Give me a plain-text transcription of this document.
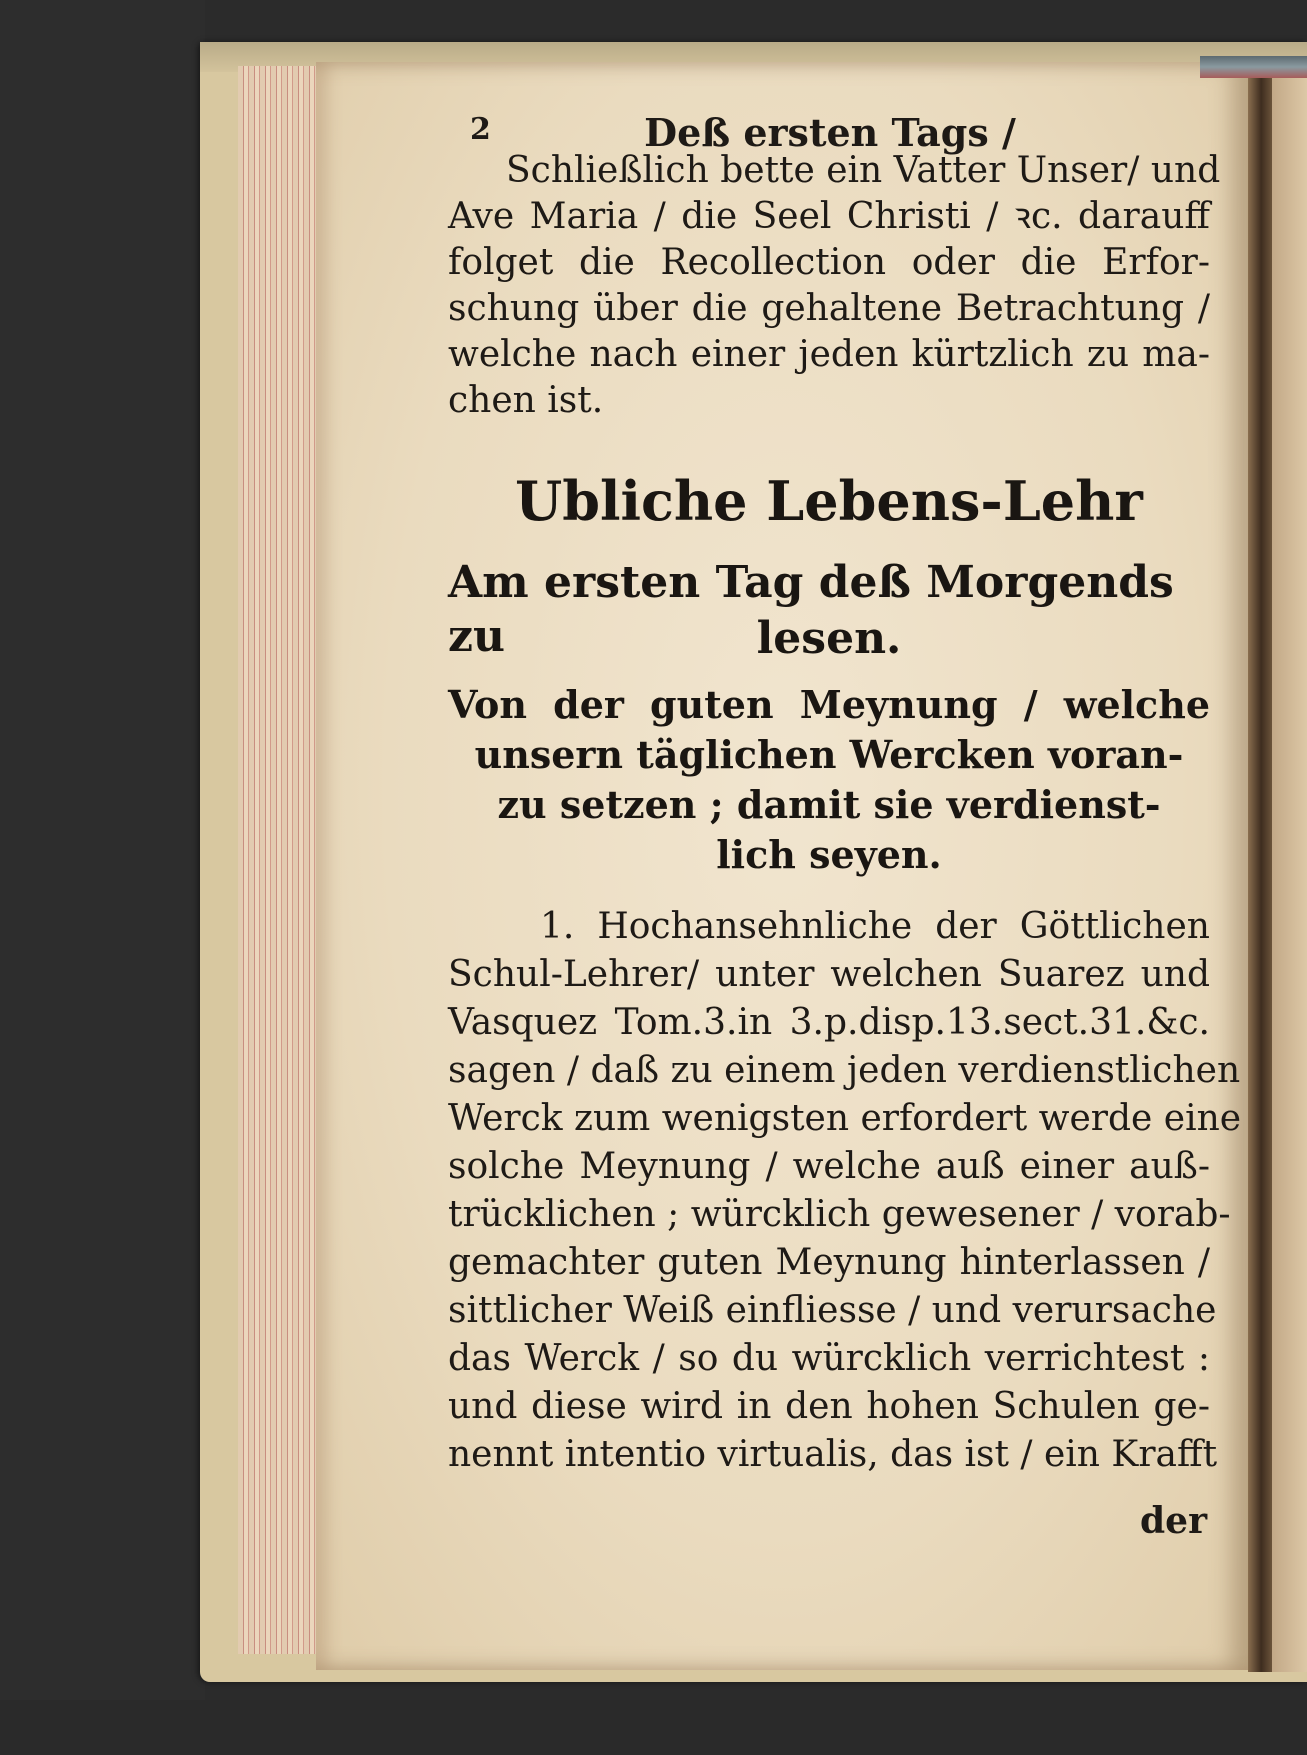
2	Deß ersten Tags /
Schließlich bette ein Vatter Unser/ und
Ave Maria / die Seel Christi / ꝛc. darauff
folget die Recollection oder die Erfor-
schung über die gehaltene Betrachtung /
welche nach einer jeden kürtzlich zu ma-
chen ist.
Ubliche Lebens-Lehr
Am ersten Tag deß Morgends zu	lesen.
Von der guten Meynung / welche
unsern täglichen Wercken voran-
zu setzen ; damit sie verdienst-
lich seyen.
1. Hochansehnliche der Göttlichen
Schul-Lehrer/ unter welchen Suarez und
Vasquez Tom.3.in 3.p.disp.13.sect.31.&c.
sagen / daß zu einem jeden verdienstlichen
Werck zum wenigsten erfordert werde eine
solche Meynung / welche auß einer auß-
trücklichen ; würcklich gewesener / vorab-
gemachter guten Meynung hinterlassen /
sittlicher Weiß einfliesse / und verursache
das Werck / so du würcklich verrichtest :
und diese wird in den hohen Schulen ge-
nennt intentio virtualis, das ist / ein Krafft
der
